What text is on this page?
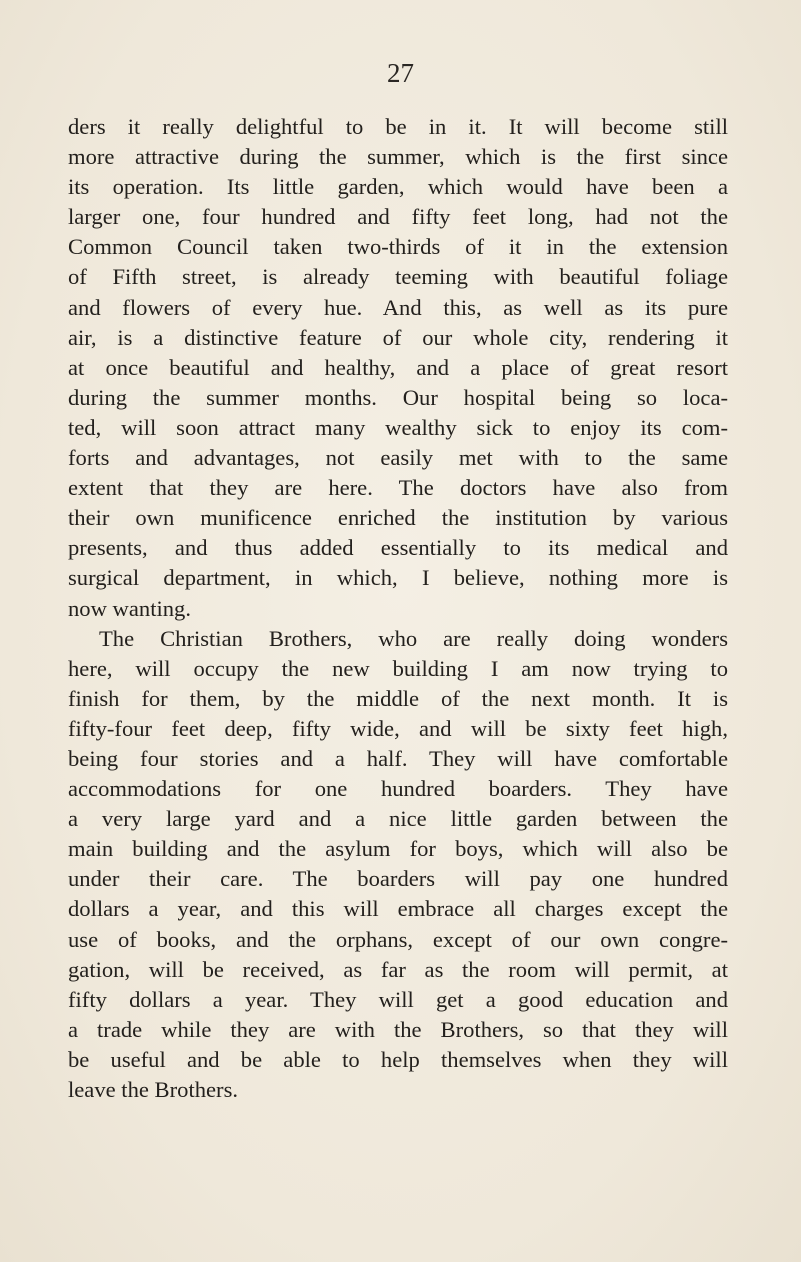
27
ders it really delightful to be in it. It will become still
more attractive during the summer, which is the first since
its operation. Its little garden, which would have been a
larger one, four hundred and fifty feet long, had not the
Common Council taken two-thirds of it in the extension
of Fifth street, is already teeming with beautiful foliage
and flowers of every hue. And this, as well as its pure
air, is a distinctive feature of our whole city, rendering it
at once beautiful and healthy, and a place of great resort
during the summer months. Our hospital being so loca-
ted, will soon attract many wealthy sick to enjoy its com-
forts and advantages, not easily met with to the same
extent that they are here. The doctors have also from
their own munificence enriched the institution by various
presents, and thus added essentially to its medical and
surgical department, in which, I believe, nothing more is
now wanting.
The Christian Brothers, who are really doing wonders
here, will occupy the new building I am now trying to
finish for them, by the middle of the next month. It is
fifty-four feet deep, fifty wide, and will be sixty feet high,
being four stories and a half. They will have comfortable
accommodations for one hundred boarders. They have
a very large yard and a nice little garden between the
main building and the asylum for boys, which will also be
under their care. The boarders will pay one hundred
dollars a year, and this will embrace all charges except the
use of books, and the orphans, except of our own congre-
gation, will be received, as far as the room will permit, at
fifty dollars a year. They will get a good education and
a trade while they are with the Brothers, so that they will
be useful and be able to help themselves when they will
leave the Brothers.
